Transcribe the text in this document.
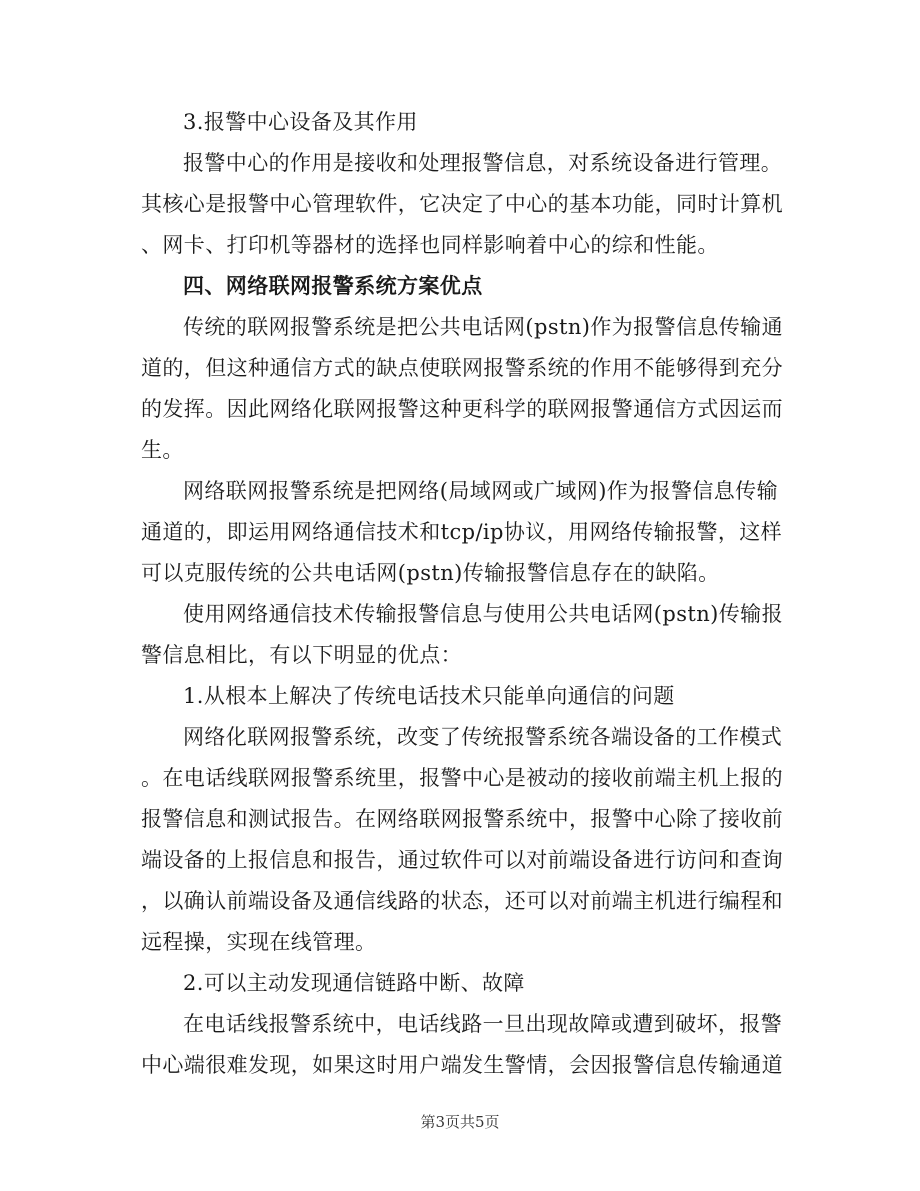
3.报警中心设备及其作用
报警中心的作用是接收和处理报警信息，对系统设备进行管理。
其核心是报警中心管理软件，它决定了中心的基本功能，同时计算机
、网卡、打印机等器材的选择也同样影响着中心的综和性能。
四、网络联网报警系统方案优点
传统的联网报警系统是把公共电话网(pstn)作为报警信息传输通
道的，但这种通信方式的缺点使联网报警系统的作用不能够得到充分
的发挥。因此网络化联网报警这种更科学的联网报警通信方式因运而
生。
网络联网报警系统是把网络(局域网或广域网)作为报警信息传输
通道的，即运用网络通信技术和tcp/ip协议，用网络传输报警，这样
可以克服传统的公共电话网(pstn)传输报警信息存在的缺陷。
使用网络通信技术传输报警信息与使用公共电话网(pstn)传输报
警信息相比，有以下明显的优点：
1.从根本上解决了传统电话技术只能单向通信的问题
网络化联网报警系统，改变了传统报警系统各端设备的工作模式
。在电话线联网报警系统里，报警中心是被动的接收前端主机上报的
报警信息和测试报告。在网络联网报警系统中，报警中心除了接收前
端设备的上报信息和报告，通过软件可以对前端设备进行访问和查询
，以确认前端设备及通信线路的状态，还可以对前端主机进行编程和
远程操，实现在线管理。
2.可以主动发现通信链路中断、故障
在电话线报警系统中，电话线路一旦出现故障或遭到破坏，报警
中心端很难发现，如果这时用户端发生警情，会因报警信息传输通道
第3页共5页
